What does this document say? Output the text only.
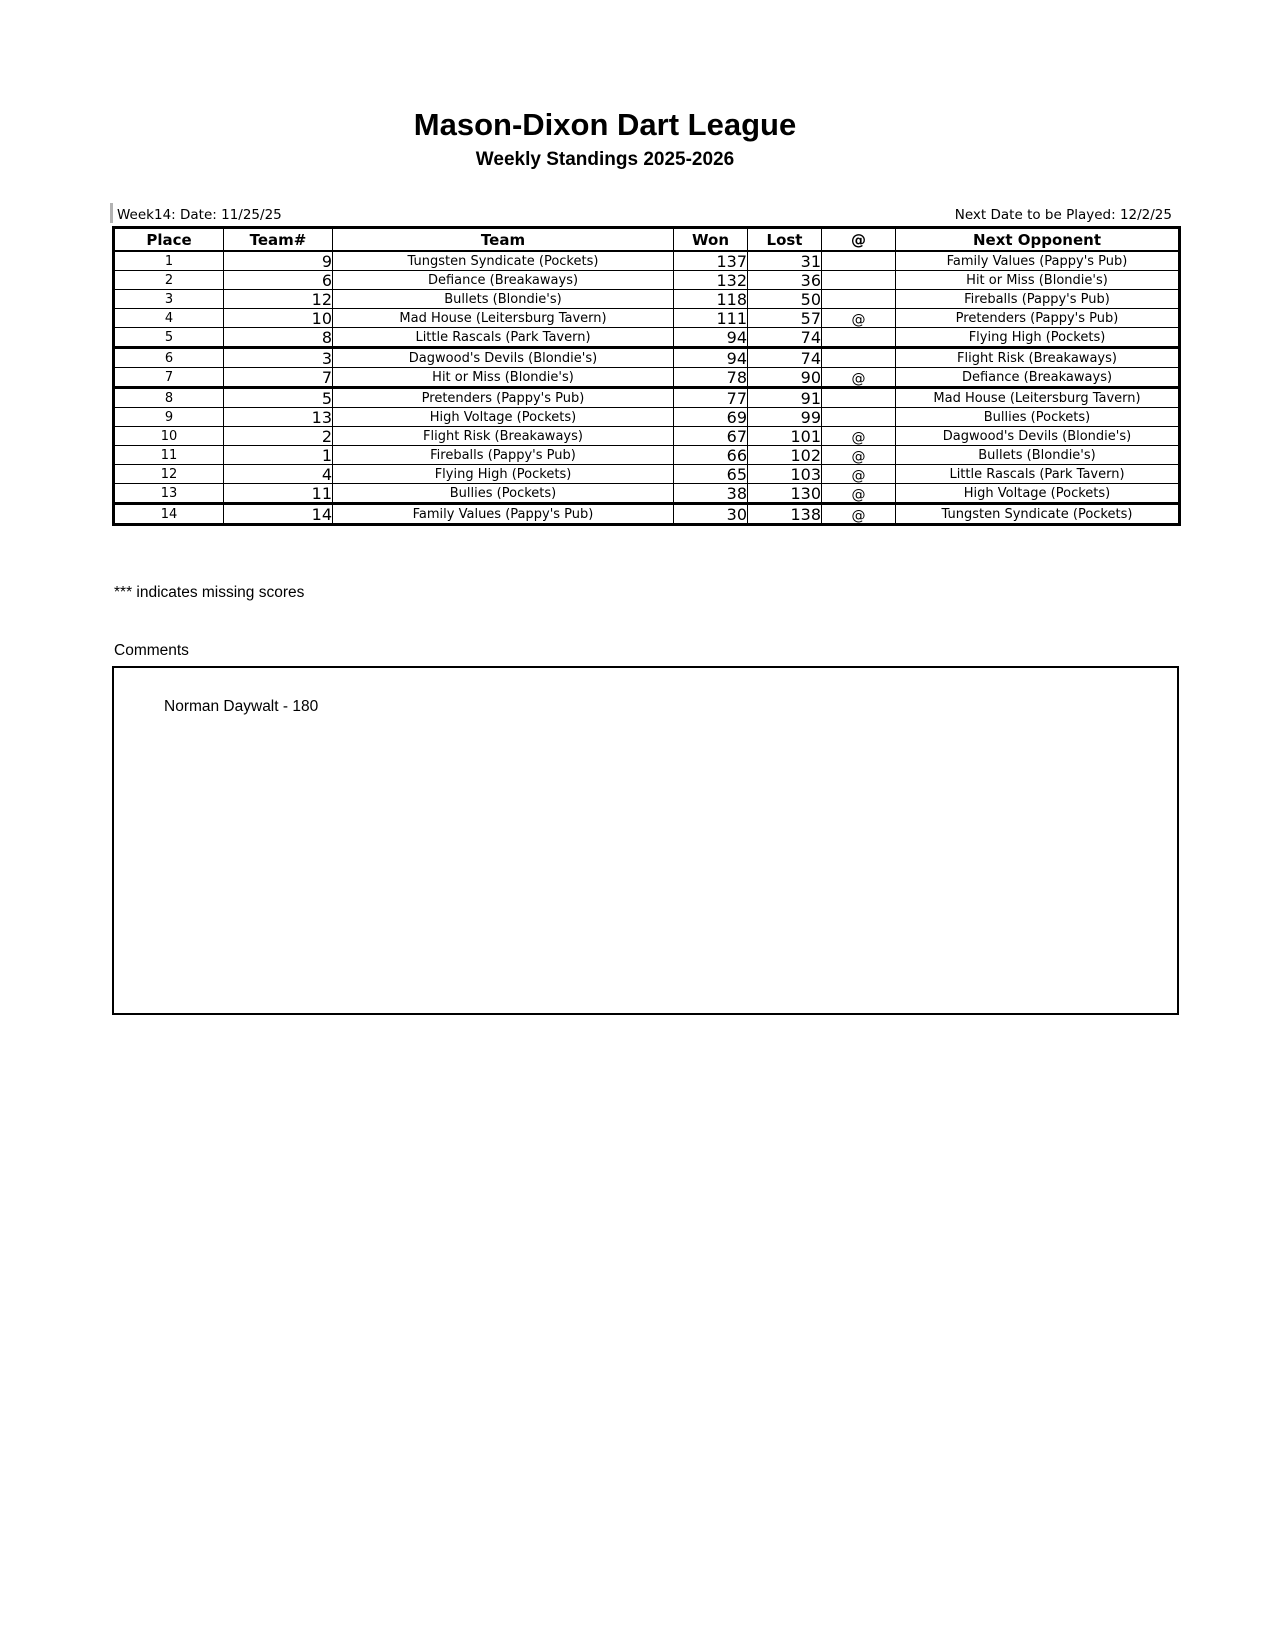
Mason-Dixon Dart League
Weekly Standings 2025-2026
Week14: Date: 11/25/25	Next Date to be Played: 12/2/25
Place	Team#	Team	Won	Lost	@	Next Opponent
1	9	Tungsten Syndicate (Pockets)	137	31		Family Values (Pappy's Pub)
2	6	Defiance (Breakaways)	132	36		Hit or Miss (Blondie's)
3	12	Bullets (Blondie's)	118	50		Fireballs (Pappy's Pub)
4	10	Mad House (Leitersburg Tavern)	111	57	@	Pretenders (Pappy's Pub)
5	8	Little Rascals (Park Tavern)	94	74		Flying High (Pockets)
6	3	Dagwood's Devils (Blondie's)	94	74		Flight Risk (Breakaways)
7	7	Hit or Miss (Blondie's)	78	90	@	Defiance (Breakaways)
8	5	Pretenders (Pappy's Pub)	77	91		Mad House (Leitersburg Tavern)
9	13	High Voltage (Pockets)	69	99		Bullies (Pockets)
10	2	Flight Risk (Breakaways)	67	101	@	Dagwood's Devils (Blondie's)
11	1	Fireballs (Pappy's Pub)	66	102	@	Bullets (Blondie's)
12	4	Flying High (Pockets)	65	103	@	Little Rascals (Park Tavern)
13	11	Bullies (Pockets)	38	130	@	High Voltage (Pockets)
14	14	Family Values (Pappy's Pub)	30	138	@	Tungsten Syndicate (Pockets)
*** indicates missing scores
Comments
Norman Daywalt - 180
